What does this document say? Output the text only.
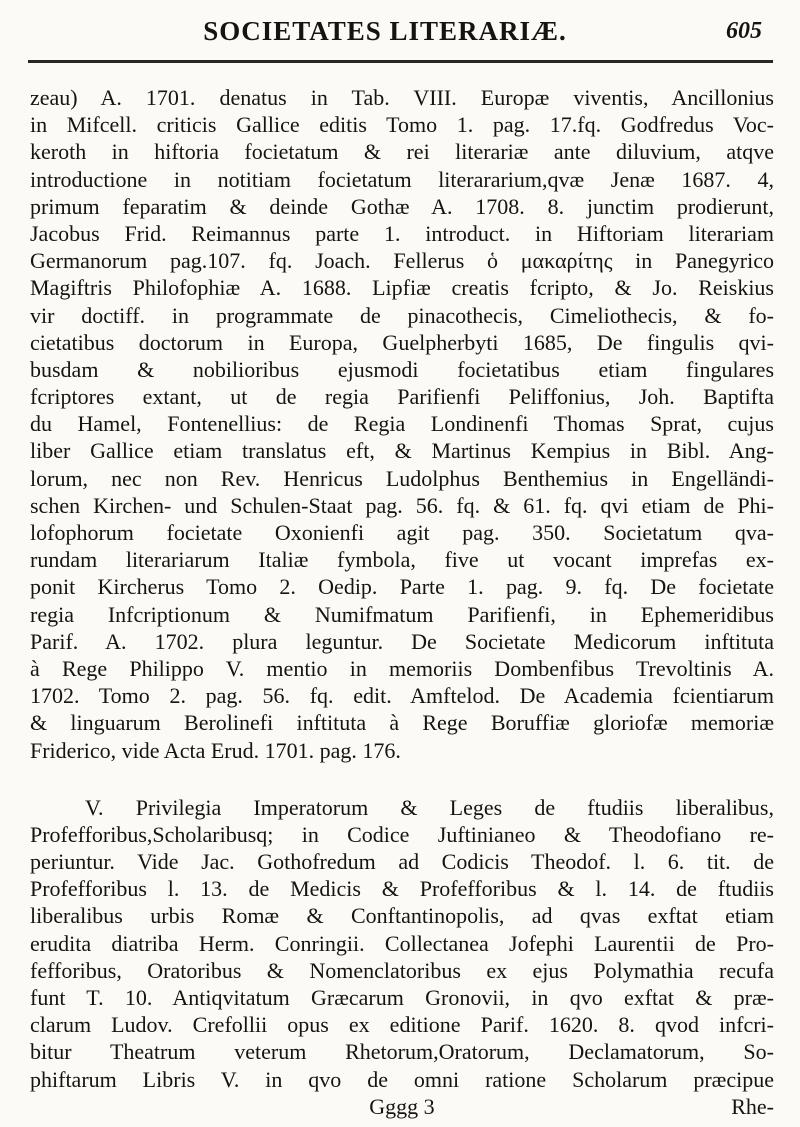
SOCIETATES LITERARIÆ.	605
zeau) A. 1701. denatus in Tab. VIII. Europæ viventis, Ancillonius
in Mifcell. criticis Gallice editis Tomo 1. pag. 17.fq. Godfredus Voc-
keroth in hiftoria focietatum & rei literariæ ante diluvium, atqve
introductione in notitiam focietatum literararium,qvæ Jenæ 1687. 4,
primum feparatim & deinde Gothæ A. 1708. 8. junctim prodierunt,
Jacobus Frid. Reimannus parte 1. introduct. in Hiftoriam literariam
Germanorum pag.107. fq. Joach. Fellerus ὁ μακαρίτης in Panegyrico
Magiftris Philofophiæ A. 1688. Lipfiæ creatis fcripto, & Jo. Reiskius
vir doctiff. in programmate de pinacothecis, Cimeliothecis, & fo-
cietatibus doctorum in Europa, Guelpherbyti 1685, De fingulis qvi-
busdam & nobilioribus ejusmodi focietatibus etiam fingulares
fcriptores extant, ut de regia Parifienfi Peliffonius, Joh. Baptifta
du Hamel, Fontenellius: de Regia Londinenfi Thomas Sprat, cujus
liber Gallice etiam translatus eft, & Martinus Kempius in Bibl. Ang-
lorum, nec non Rev. Henricus Ludolphus Benthemius in Engelländi-
schen Kirchen- und Schulen-Staat pag. 56. fq. & 61. fq. qvi etiam de Phi-
lofophorum focietate Oxonienfi agit pag. 350. Societatum qva-
rundam literariarum Italiæ fymbola, five ut vocant imprefas ex-
ponit Kircherus Tomo 2. Oedip. Parte 1. pag. 9. fq. De focietate
regia Infcriptionum & Numifmatum Parifienfi, in Ephemeridibus
Parif. A. 1702. plura leguntur. De Societate Medicorum inftituta
à Rege Philippo V. mentio in memoriis Dombenfibus Trevoltinis A.
1702. Tomo 2. pag. 56. fq. edit. Amftelod. De Academia fcientiarum
& linguarum Berolinefi inftituta à Rege Boruffiæ gloriofæ memoriæ
Friderico, vide Acta Erud. 1701. pag. 176.
V. Privilegia Imperatorum & Leges de ftudiis liberalibus,
Profefforibus,Scholaribusq; in Codice Juftinianeo & Theodofiano re-
periuntur. Vide Jac. Gothofredum ad Codicis Theodof. l. 6. tit. de
Profefforibus l. 13. de Medicis & Profefforibus & l. 14. de ftudiis
liberalibus urbis Romæ & Conftantinopolis, ad qvas exftat etiam
erudita diatriba Herm. Conringii. Collectanea Jofephi Laurentii de Pro-
fefforibus, Oratoribus & Nomenclatoribus ex ejus Polymathia recufa
funt T. 10. Antiqvitatum Græcarum Gronovii, in qvo exftat & præ-
clarum Ludov. Crefollii opus ex editione Parif. 1620. 8. qvod infcri-
bitur Theatrum veterum Rhetorum,Oratorum, Declamatorum, So-
phiftarum Libris V. in qvo de omni ratione Scholarum præcipue
Gggg 3	Rhe-
